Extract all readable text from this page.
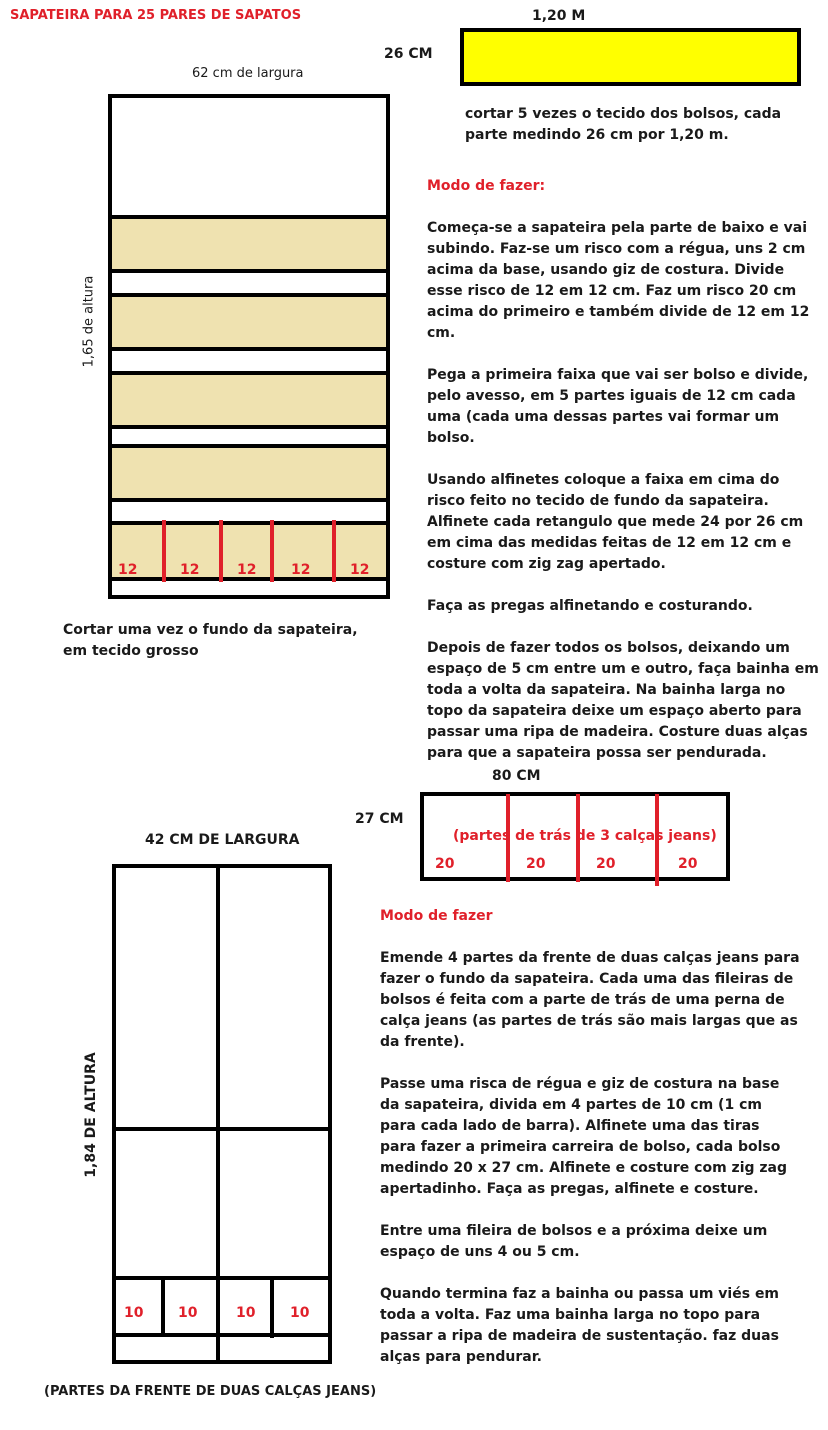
SAPATEIRA PARA 25 PARES DE SAPATOS
62 cm de largura
1,65 de altura
12	12	12 12	12
Cortar uma vez o fundo da sapateira, em tecido grosso
1,20 M
26 CM
cortar 5 vezes o tecido dos bolsos, cada parte medindo 26 cm por 1,20 m.
Modo de fazer:

Começa-se a sapateira pela parte de baixo e vai subindo. Faz-se um risco com a régua, uns 2 cm acima da base, usando giz de costura. Divide esse risco de 12 em 12 cm. Faz um risco 20 cm acima do primeiro e também divide de 12 em 12 cm.

Pega a primeira faixa que vai ser bolso e divide, pelo avesso, em 5 partes iguais de 12 cm cada uma (cada uma dessas partes vai formar um bolso.

Usando alfinetes coloque a faixa em cima do risco feito no tecido de fundo da sapateira. Alfinete cada retangulo que mede 24 por 26 cm em cima das medidas feitas de 12 em 12 cm e costure com zig zag apertado.

Faça as pregas alfinetando e costurando.

Depois de fazer todos os bolsos, deixando um espaço de 5 cm entre um e outro, faça bainha em toda a volta da sapateira. Na bainha larga no topo da sapateira deixe um espaço aberto para passar uma ripa de madeira. Costure duas alças para que a sapateira possa ser pendurada.

80 CM
27 CM
(partes de trás de 3 calças jeans)
20	20	20	20
42 CM DE LARGURA
1,84 DE ALTURA
10 10	10 10
(PARTES DA FRENTE DE DUAS CALÇAS JEANS)
Modo de fazer

Emende 4 partes da frente de duas calças jeans para fazer o fundo da sapateira. Cada uma das fileiras de bolsos é feita com a parte de trás de uma perna de calça jeans (as partes de trás são mais largas que as da frente).

Passe uma risca de régua e giz de costura na base da sapateira, divida em 4 partes de 10 cm (1 cm para cada lado de barra). Alfinete uma das tiras para fazer a primeira carreira de bolso, cada bolso medindo 20 x 27 cm. Alfinete e costure com zig zag apertadinho. Faça as pregas, alfinete e costure.

Entre uma fileira de bolsos e a próxima deixe um espaço de uns 4 ou 5 cm.

Quando termina faz a bainha ou passa um viés em toda a volta. Faz uma bainha larga no topo para passar a ripa de madeira de sustentação. faz duas alças para pendurar.
